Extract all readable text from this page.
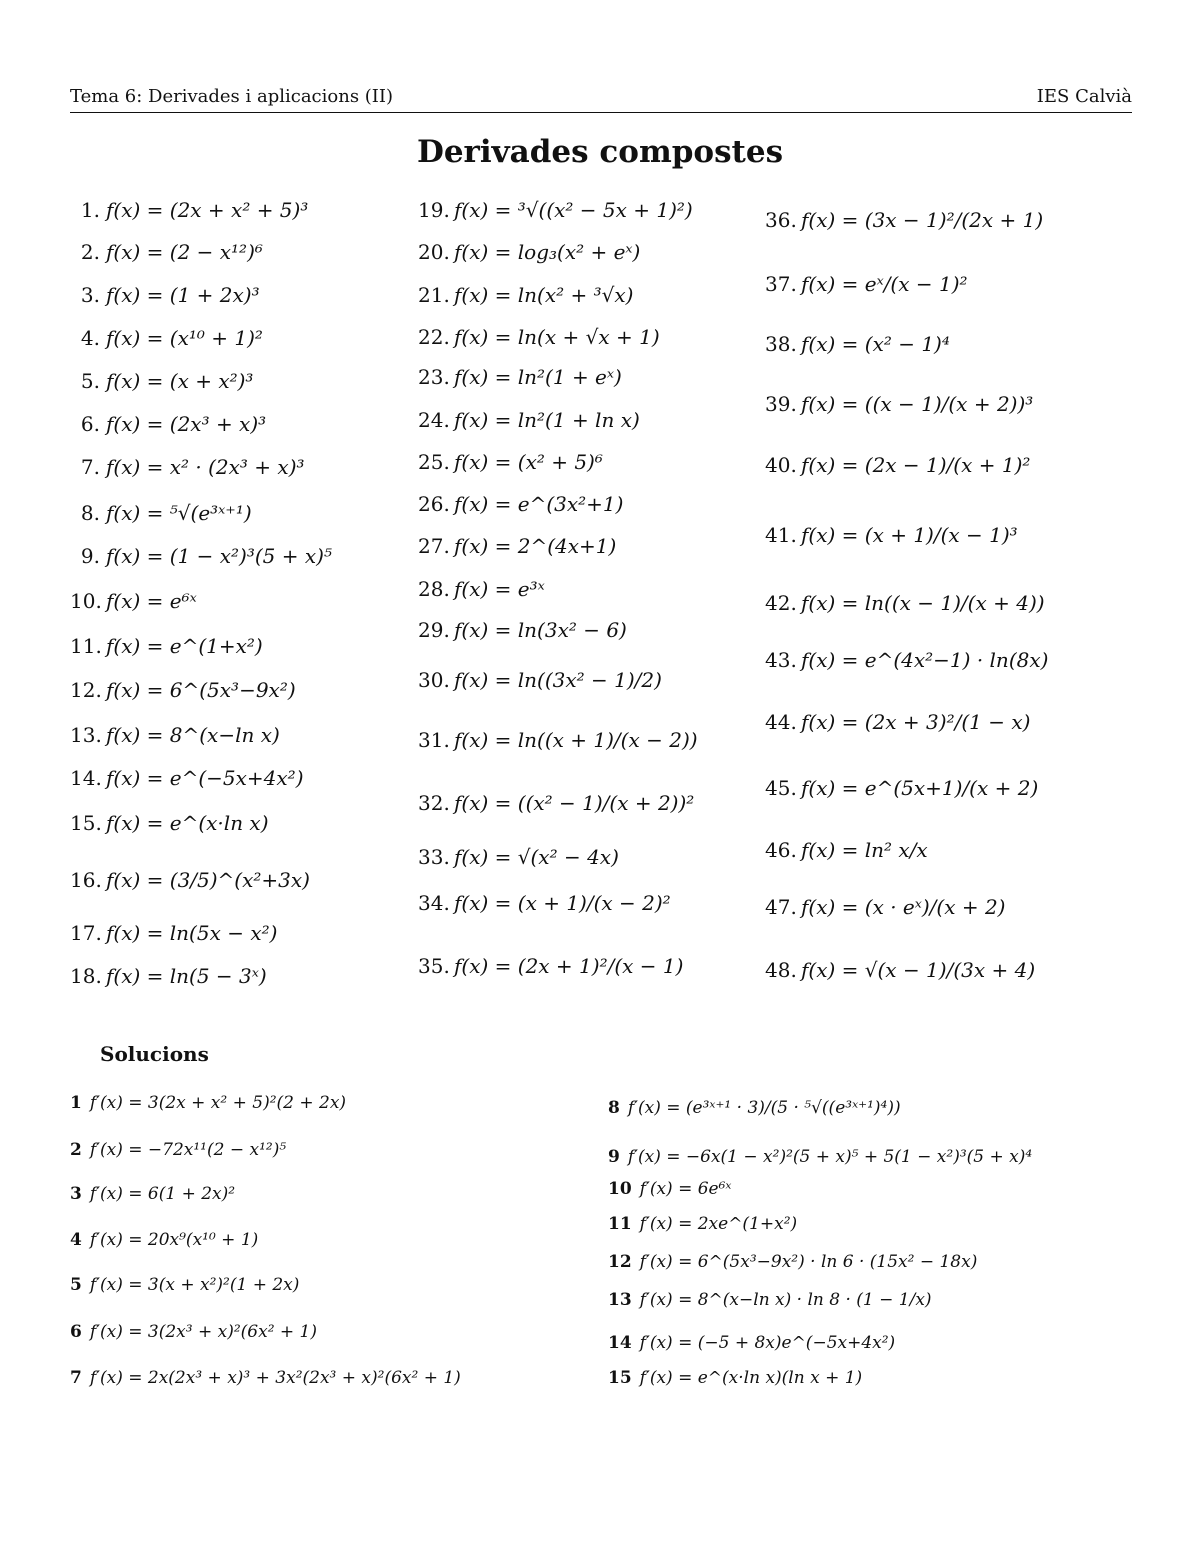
Tema 6: Derivades i aplicacions (II)	IES Calvià
Derivades compostes
1. f(x) = (2x + x² + 5)³
2. f(x) = (2 − x¹²)⁶
3. f(x) = (1 + 2x)³
4. f(x) = (x¹⁰ + 1)²
5. f(x) = (x + x²)³
6. f(x) = (2x³ + x)³
7. f(x) = x² · (2x³ + x)³
8. f(x) = ⁵√(e³ˣ⁺¹)
9. f(x) = (1 − x²)³(5 + x)⁵
10. f(x) = e⁶ˣ
11. f(x) = e^(1+x²)
12. f(x) = 6^(5x³−9x²)
13. f(x) = 8^(x−ln x)
14. f(x) = e^(−5x+4x²)
15. f(x) = e^(x·ln x)
16. f(x) = (3/5)^(x²+3x)
17. f(x) = ln(5x − x²)
18. f(x) = ln(5 − 3ˣ)
19. f(x) = ³√((x² − 5x + 1)²)
20. f(x) = log₃(x² + eˣ)
21. f(x) = ln(x² + ³√x)
22. f(x) = ln(x + √x + 1)
23. f(x) = ln²(1 + eˣ)
24. f(x) = ln²(1 + ln x)
25. f(x) = (x² + 5)⁶
26. f(x) = e^(3x²+1)
27. f(x) = 2^(4x+1)
28. f(x) = e³ˣ
29. f(x) = ln(3x² − 6)
30. f(x) = ln((3x² − 1)/2)
31. f(x) = ln((x + 1)/(x − 2))
32. f(x) = ((x² − 1)/(x + 2))²
33. f(x) = √(x² − 4x)
34. f(x) = (x + 1)/(x − 2)²
35. f(x) = (2x + 1)²/(x − 1)
36. f(x) = (3x − 1)²/(2x + 1)
37. f(x) = eˣ/(x − 1)²
38. f(x) = (x² − 1)⁴
39. f(x) = ((x − 1)/(x + 2))³
40. f(x) = (2x − 1)/(x + 1)²
41. f(x) = (x + 1)/(x − 1)³
42. f(x) = ln((x − 1)/(x + 4))
43. f(x) = e^(4x²−1) · ln(8x)
44. f(x) = (2x + 3)²/(1 − x)
45. f(x) = e^(5x+1)/(x + 2)
46. f(x) = ln² x/x
47. f(x) = (x · eˣ)/(x + 2)
48. f(x) = √(x − 1)/(3x + 4)
Solucions
1 f′(x) = 3(2x + x² + 5)²(2 + 2x)
2 f′(x) = −72x¹¹(2 − x¹²)⁵
3 f′(x) = 6(1 + 2x)²
4 f′(x) = 20x⁹(x¹⁰ + 1)
5 f′(x) = 3(x + x²)²(1 + 2x)
6 f′(x) = 3(2x³ + x)²(6x² + 1)
7 f′(x) = 2x(2x³ + x)³ + 3x²(2x³ + x)²(6x² + 1)
8 f′(x) = (e³ˣ⁺¹ · 3)/(5 · ⁵√((e³ˣ⁺¹)⁴))
9 f′(x) = −6x(1 − x²)²(5 + x)⁵ + 5(1 − x²)³(5 + x)⁴
10 f′(x) = 6e⁶ˣ
11 f′(x) = 2xe^(1+x²)
12 f′(x) = 6^(5x³−9x²) · ln 6 · (15x² − 18x)
13 f′(x) = 8^(x−ln x) · ln 8 · (1 − 1/x)
14 f′(x) = (−5 + 8x)e^(−5x+4x²)
15 f′(x) = e^(x·ln x)(ln x + 1)
